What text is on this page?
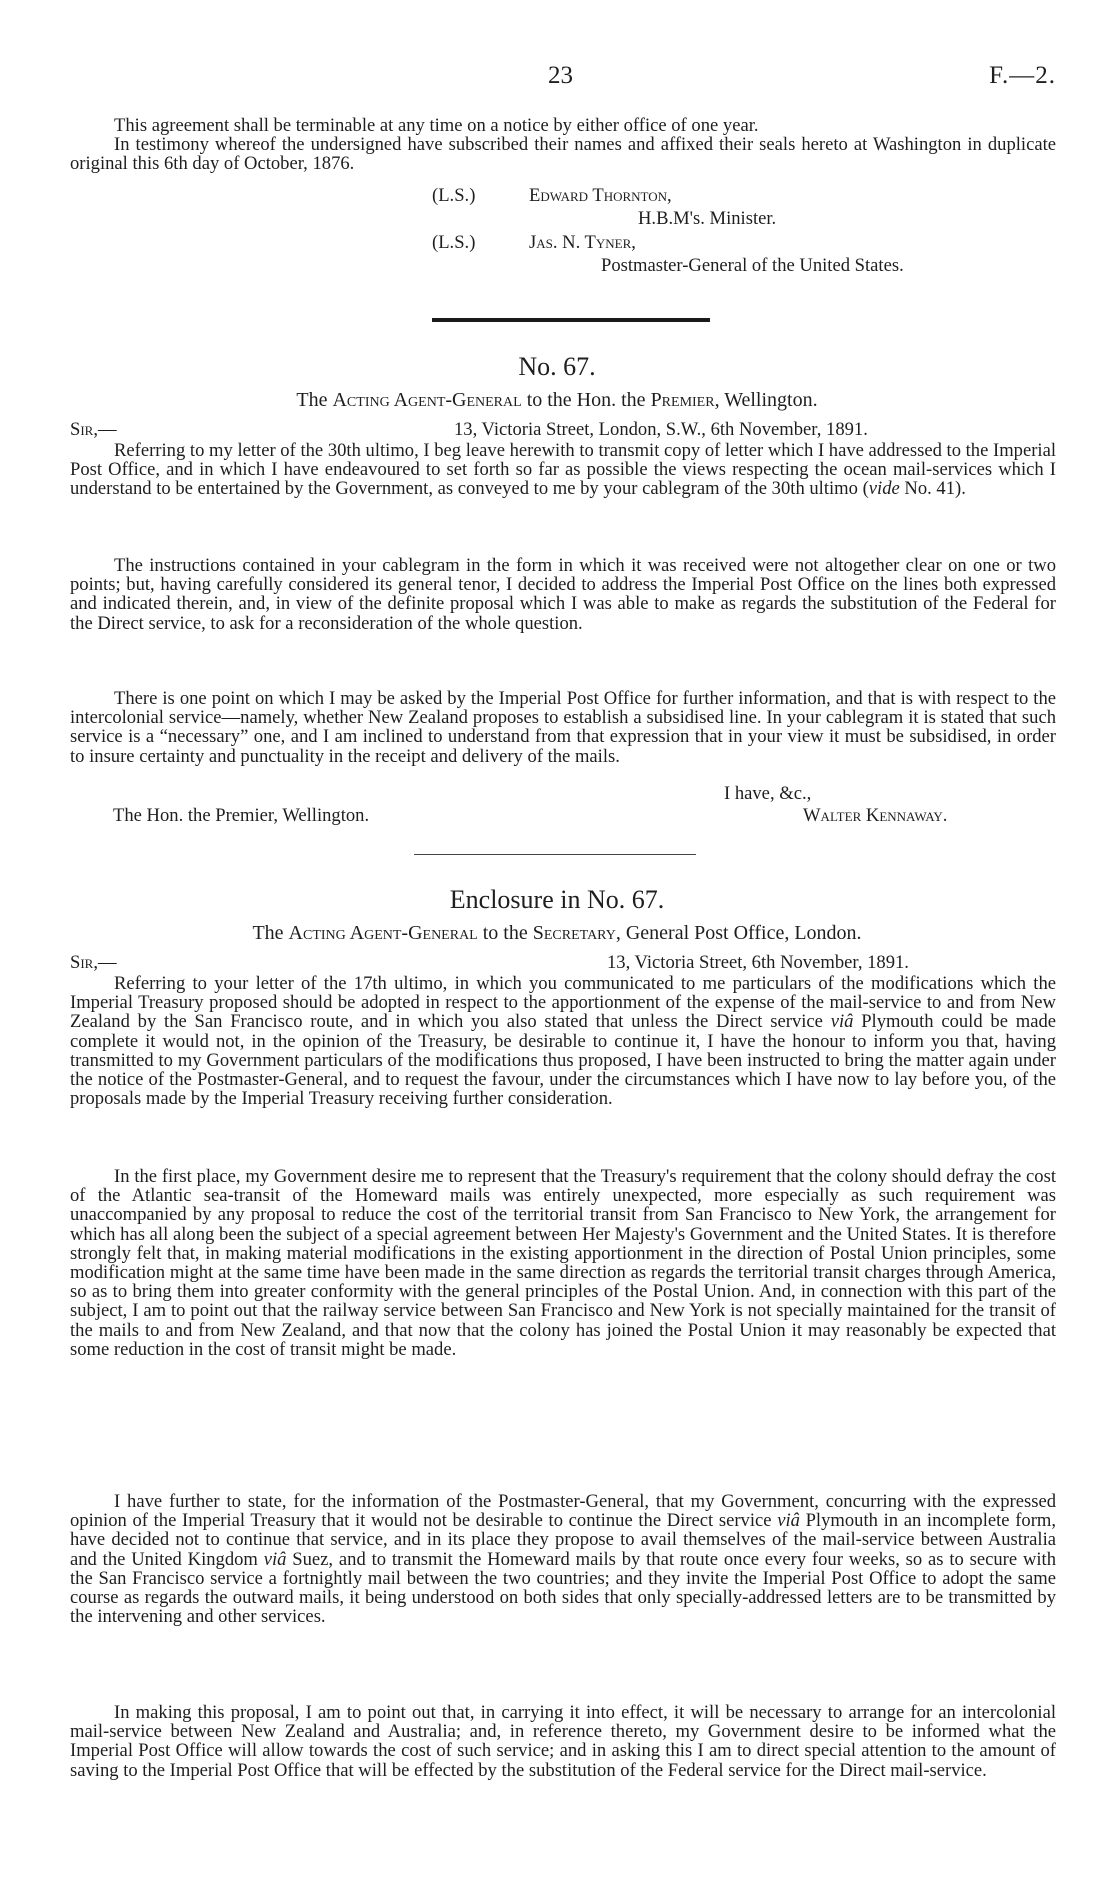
23	F.—2.

This agreement shall be terminable at any time on a notice by either office of one year.

In testimony whereof the undersigned have subscribed their names and affixed their seals hereto at Washington in duplicate original this 6th day of October, 1876.

(L.S.)	Edward Thornton,
H.B.M's. Minister.
(L.S.)	Jas. N. Tyner,
Postmaster-General of the United States.
No. 67.
The Acting Agent-General to the Hon. the Premier, Wellington.
Sir,—	13, Victoria Street, London, S.W., 6th November, 1891.

Referring to my letter of the 30th ultimo, I beg leave herewith to transmit copy of letter which I have addressed to the Imperial Post Office, and in which I have endeavoured to set forth so far as possible the views respecting the ocean mail-services which I understand to be entertained by the Government, as conveyed to me by your cablegram of the 30th ultimo (vide No. 41).

The instructions contained in your cablegram in the form in which it was received were not altogether clear on one or two points; but, having carefully considered its general tenor, I decided to address the Imperial Post Office on the lines both expressed and indicated therein, and, in view of the definite proposal which I was able to make as regards the substitution of the Federal for the Direct service, to ask for a reconsideration of the whole question.

There is one point on which I may be asked by the Imperial Post Office for further information, and that is with respect to the intercolonial service—namely, whether New Zealand proposes to establish a subsidised line. In your cablegram it is stated that such service is a “necessary” one, and I am inclined to understand from that expression that in your view it must be subsidised, in order to insure certainty and punctuality in the receipt and delivery of the mails.

I have, &c.,
The Hon. the Premier, Wellington.	Walter Kennaway.
Enclosure in No. 67.
The Acting Agent-General to the Secretary, General Post Office, London.
Sir,—	13, Victoria Street, 6th November, 1891.

Referring to your letter of the 17th ultimo, in which you communicated to me particulars of the modifications which the Imperial Treasury proposed should be adopted in respect to the apportionment of the expense of the mail-service to and from New Zealand by the San Francisco route, and in which you also stated that unless the Direct service viâ Plymouth could be made complete it would not, in the opinion of the Treasury, be desirable to continue it, I have the honour to inform you that, having transmitted to my Government particulars of the modifications thus proposed, I have been instructed to bring the matter again under the notice of the Postmaster-General, and to request the favour, under the circumstances which I have now to lay before you, of the proposals made by the Imperial Treasury receiving further consideration.

In the first place, my Government desire me to represent that the Treasury's requirement that the colony should defray the cost of the Atlantic sea-transit of the Homeward mails was entirely unexpected, more especially as such requirement was unaccompanied by any proposal to reduce the cost of the territorial transit from San Francisco to New York, the arrangement for which has all along been the subject of a special agreement between Her Majesty's Government and the United States. It is therefore strongly felt that, in making material modifications in the existing apportionment in the direction of Postal Union principles, some modification might at the same time have been made in the same direction as regards the territorial transit charges through America, so as to bring them into greater conformity with the general principles of the Postal Union. And, in connection with this part of the subject, I am to point out that the railway service between San Francisco and New York is not specially maintained for the transit of the mails to and from New Zealand, and that now that the colony has joined the Postal Union it may reasonably be expected that some reduction in the cost of transit might be made.

I have further to state, for the information of the Postmaster-General, that my Government, concurring with the expressed opinion of the Imperial Treasury that it would not be desirable to continue the Direct service viâ Plymouth in an incomplete form, have decided not to continue that service, and in its place they propose to avail themselves of the mail-service between Australia and the United Kingdom viâ Suez, and to transmit the Homeward mails by that route once every four weeks, so as to secure with the San Francisco service a fortnightly mail between the two countries; and they invite the Imperial Post Office to adopt the same course as regards the outward mails, it being understood on both sides that only specially-addressed letters are to be transmitted by the intervening and other services.

In making this proposal, I am to point out that, in carrying it into effect, it will be necessary to arrange for an intercolonial mail-service between New Zealand and Australia; and, in reference thereto, my Government desire to be informed what the Imperial Post Office will allow towards the cost of such service; and in asking this I am to direct special attention to the amount of saving to the Imperial Post Office that will be effected by the substitution of the Federal service for the Direct mail-service.
